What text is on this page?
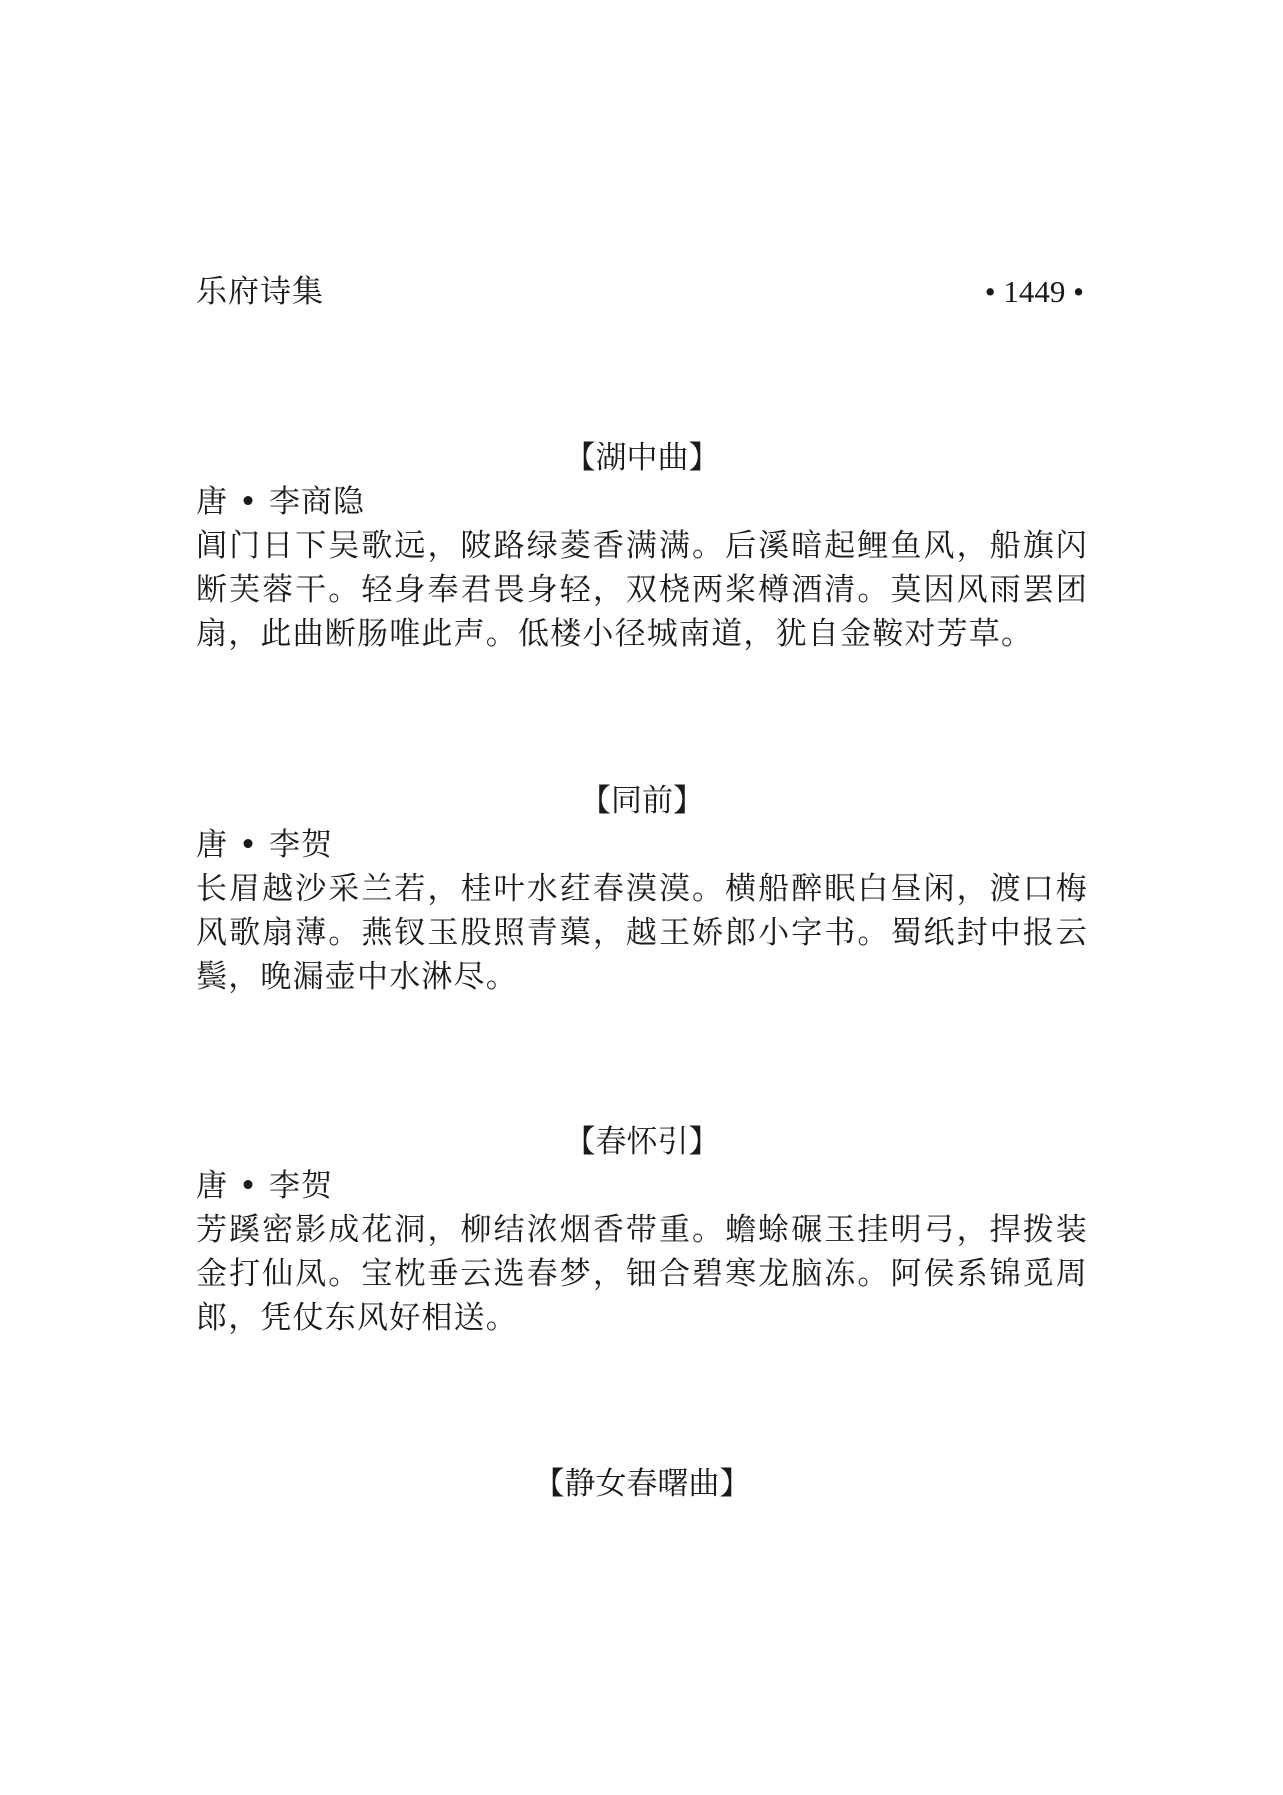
乐府诗集	• 1449 •
【湖中曲】
唐 • 李商隐
阊门日下吴歌远，陂路绿菱香满满。后溪暗起鲤鱼风，船旗闪断芙蓉干。轻身奉君畏身轻，双桡两桨樽酒清。莫因风雨罢团扇，此曲断肠唯此声。低楼小径城南道，犹自金鞍对芳草。
【同前】
唐 • 李贺
长眉越沙采兰若，桂叶水荭春漠漠。横船醉眠白昼闲，渡口梅风歌扇薄。燕钗玉股照青蕖，越王娇郎小字书。蜀纸封中报云鬓，晚漏壶中水淋尽。
【春怀引】
唐 • 李贺
芳蹊密影成花洞，柳结浓烟香带重。蟾蜍碾玉挂明弓，捍拨装金打仙凤。宝枕垂云选春梦，钿合碧寒龙脑冻。阿侯系锦觅周郎，凭仗东风好相送。
【静女春曙曲】
